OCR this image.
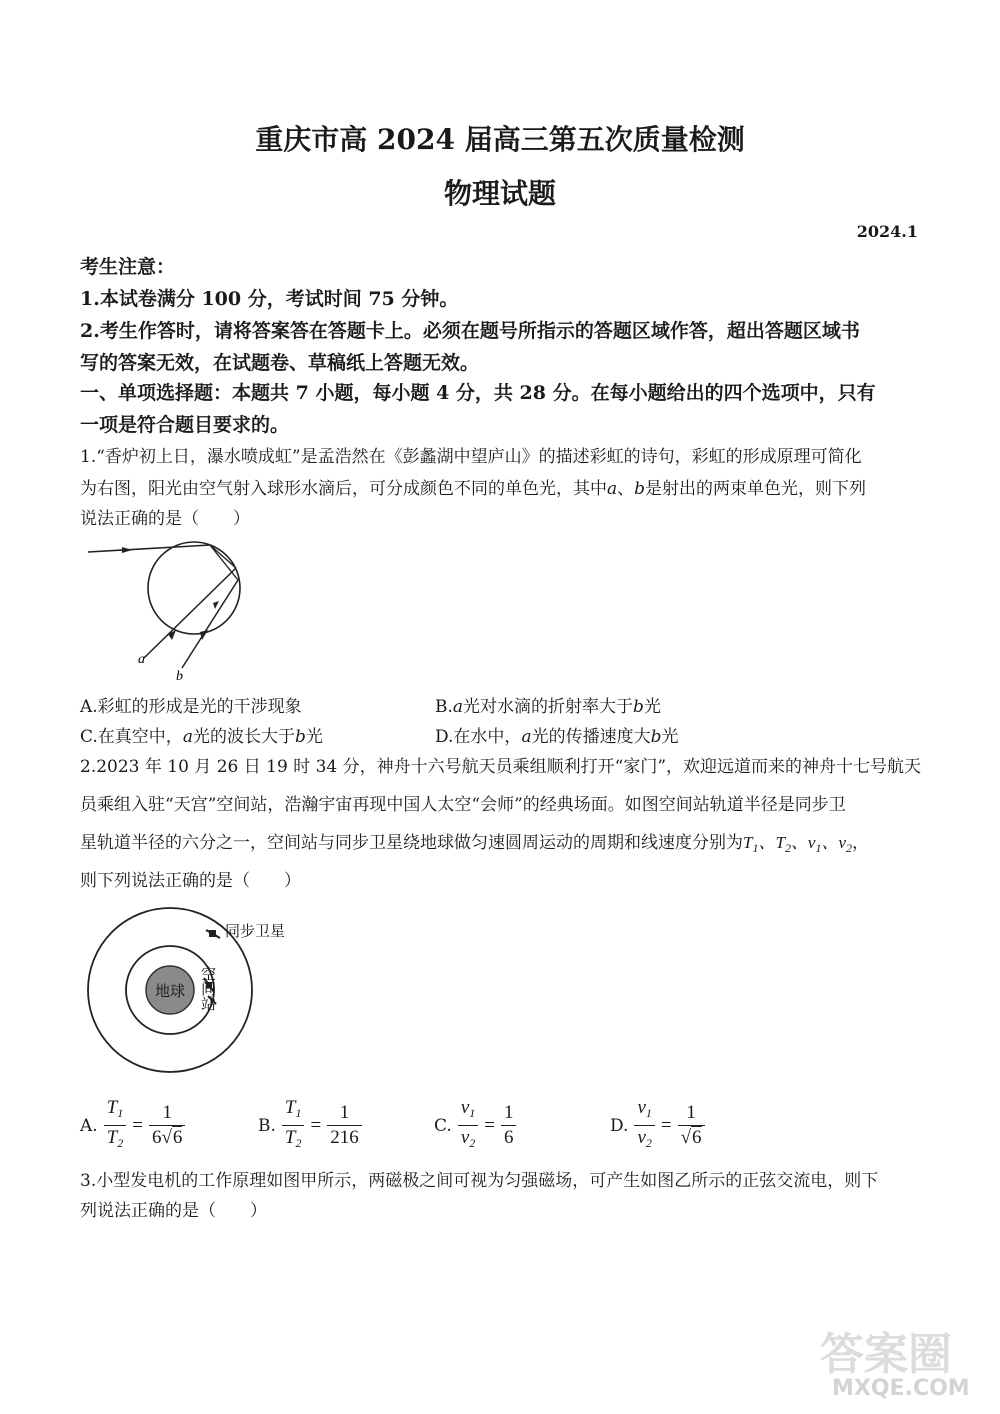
重庆市高 2024 届高三第五次质量检测
物理试题
2024.1
考生注意：
1.本试卷满分 100 分，考试时间 75 分钟。
2.考生作答时，请将答案答在答题卡上。必须在题号所指示的答题区域作答，超出答题区域书
写的答案无效，在试题卷、草稿纸上答题无效。
一、单项选择题：本题共 7 小题，每小题 4 分，共 28 分。在每小题给出的四个选项中，只有
一项是符合题目要求的。
1.“香炉初上日，瀑水喷成虹”是孟浩然在《彭蠡湖中望庐山》的描述彩虹的诗句，彩虹的形成原理可简化
为右图，阳光由空气射入球形水滴后，可分成颜色不同的单色光，其中a、b是射出的两束单色光，则下列
说法正确的是（　　）
a
b
A.彩虹的形成是光的干涉现象	B.a光对水滴的折射率大于b光
C.在真空中，a光的波长大于b光	D.在水中，a光的传播速度大b光
2.2023 年 10 月 26 日 19 时 34 分，神舟十六号航天员乘组顺利打开“家门”，欢迎远道而来的神舟十七号航天
员乘组入驻“天宫”空间站，浩瀚宇宙再现中国人太空“会师”的经典场面。如图空间站轨道半径是同步卫
星轨道半径的六分之一，空间站与同步卫星绕地球做匀速圆周运动的周期和线速度分别为$T_1$、$T_2$、$v_1$、$v_2$，
则下列说法正确的是（　　）
地球
同步卫星
空间站
A. $\frac{T_1}{T_2} = \frac{1}{6√6}$	B. $\frac{T_1}{T_2} = \frac{1}{216}$	C. $\frac{v_1}{v_2} = \frac{1}{6}$	D. $\frac{v_1}{v_2} = \frac{1}{√6}$
3.小型发电机的工作原理如图甲所示，两磁极之间可视为匀强磁场，可产生如图乙所示的正弦交流电，则下
列说法正确的是（　　）
答案圈
MXQE.COM
